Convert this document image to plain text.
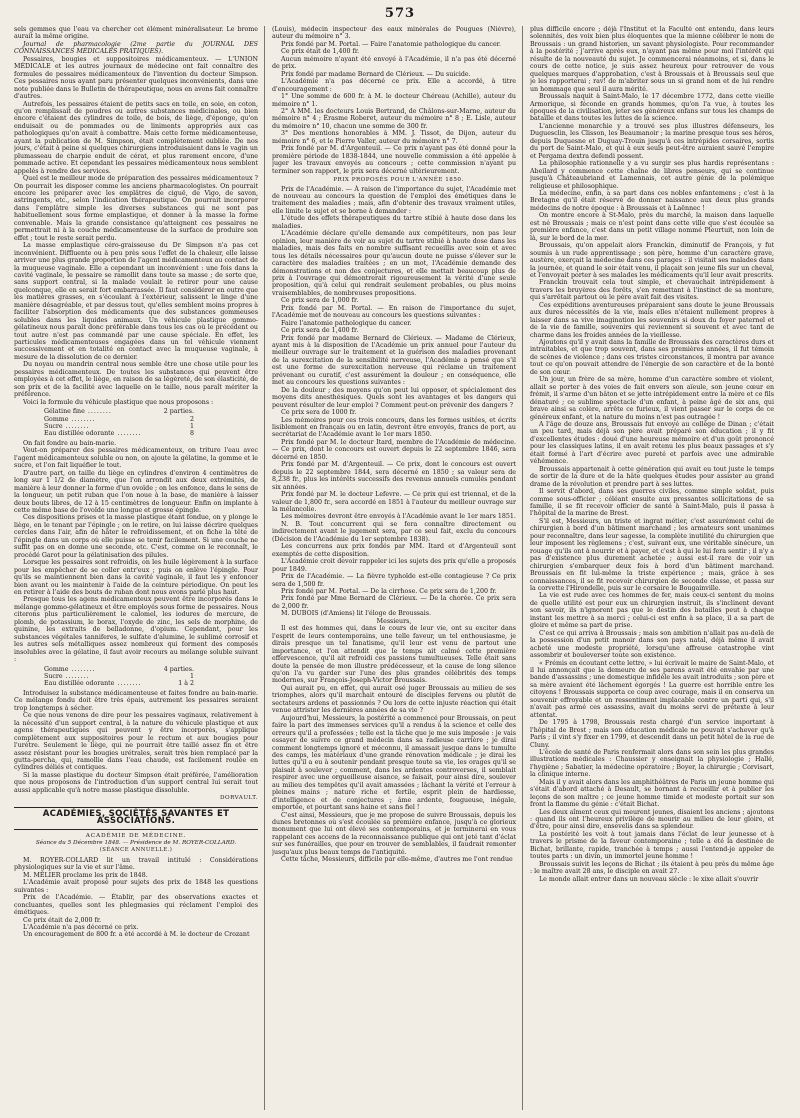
573

sels gemmes que l'eau va chercher cet élément minéralisateur. Le brome aurait la même origine.

Journal de pharmacologie (2me partie du JOURNAL DES CONNAISSANCES MÉDICALES PRATIQUES).

Pessaires, bougies et suppositoires médicamenteux. — L'UNION MÉDICALE et les autres journaux de médecine ont fait connaître des formules de pessaires médicamenteux de l'invention du docteur Simpson. Ces pessaires nous ayant paru présenter quelques inconvénients, dans une note publiée dans le Bulletin de thérapeutique, nous en avons fait connaître d'autres.

Autrefois, les pessaires étaient de petits sacs en toile, en soie, en coton, qu'on remplissait de poudres ou autres substances médicinales, ou bien encore c'étaient des cylindres de toile, de bois, de liège, d'éponge, qu'on enduisait ou de pommades ou de liniments appropriés aux cas pathologiques qu'on avait à combattre. Mais cette forme médicamenteuse, ayant la publication de M. Simpson, était complètement oubliée. De nos jours, c'était à peine si quelques chirurgiens introduisaient dans le vagin un plumasseau de charpie enduit de cérat, et plus rarement encore, d'une pommade active. Et cependant les pessaires médicamenteux nous semblent appelés à rendre des services.

Quel est le meilleur mode de préparation des pessaires médicamenteux ? On pourrait les disposer comme les anciens pharmacologistes. On pourrait encore les préparer avec les emplâtres de ciguë, de Vigo, de savon, astringents, etc., selon l'indication thérapeutique. On pourrait incorporer dans l'emplâtre simple les diverses substances qui ne sont pas habituellement sous forme emplastique, et donner à la masse la forme convenable. Mais la grande consistance qu'atteignent ces pessaires ne permettrait ni à la couche médicamenteuse de la surface de produire son effet ; tout le reste serait perdu.

La masse emplastique céro-graisseuse du Dr Simpson n'a pas cet inconvénient. Diffluente ou à peu près sous l'effet de la chaleur, elle laisse arriver une plus grande proportion de l'agent médicamenteux au contact de la muqueuse vaginale. Elle a cependant un inconvénient : une fois dans la cavité vaginale, le pessaire se ramollit dans toute sa masse ; de sorte que, sans support central, si la malade voulait le retirer pour une cause quelconque, elle en serait fort embarrassée. Il faut considérer en outre que les matières grasses, en s'écoulant à l'extérieur, salissent le linge d'une manière désagréable, et par dessus tout, qu'elles semblent moins propres à faciliter l'absorption des médicaments que des substances gommeuses solubles dans les liquides animaux. Un véhicule plastique gommo-gélatineux nous paraît donc préférable dans tous les cas où le précédent ou tout autre n'est pas commandé par une cause spéciale. En effet, les particules médicamenteuses engagées dans un tel véhicule viennent successivement et en totalité en contact avec la muqueuse vaginale, à mesure de la dissolution de ce dernier.

Du noyau ou mandrin central nous semble être une chose utile pour les pessaires médicamenteux. De toutes les substances qui peuvent être employées à cet effet, le liège, en raison de sa légèreté, de son élasticité, de son prix et de la facilité avec laquelle on le taille, nous paraît mériter la préférence.

Voici la formule du véhicule plastique que nous proposons :

Gélatine fine .....	2 parties.
Gomme .....	2
Sucre .....	1
Eau distillée odorante .....	8

On fait fondre au bain-marie.

Veut-on préparer des pessaires médicamenteux, on triture l'eau avec l'agent médicamenteux soluble ou non, on ajoute la gélatine, la gomme et le sucre, et l'on fait liquéfier le tout.

D'autre part, on taille du liège en cylindres d'environ 4 centimètres de long sur 1 1/2 de diamètre, que l'on arrondit aux deux extrémités, de manière à leur donner la forme d'un ovoïde ; on les enfonce, dans le sens de la longueur, un petit ruban que l'on noue à la base, de manière à laisser deux bouts libres, de 12 à 15 centimètres de longueur. Enfin on implante à cette même base de l'ovoïde une longue et grosse épingle.

Ces dispositions prises et la masse plastique étant fondue, on y plonge le liège, en le tenant par l'épingle ; on le retire, on lui laisse décrire quelques cercles dans l'air, afin de hâter le refroidissement, et on fiche la tête de l'épingle dans un corps où elle puisse se tenir facilement. Si une couche ne suffit pas on en donne une seconde, etc. C'est, comme on le reconnaît, le procédé Garot pour la gélatinisation des pilules.

Lorsque les pessaires sont refroidis, on les huile légèrement à la surface pour les empêcher de se coller entr'eux ; puis on enlève l'épingle. Pour qu'ils se maintiennent bien dans la cavité vaginale, il faut les y enfoncer bien avant ou les maintenir à l'aide de la ceinture périodique. On peut les en retirer à l'aide des bouts de ruban dont nous avons parlé plus haut.

Presque tous les agens médicamenteux peuvent être incorporés dans le mélange gommo-gélatineux et être employés sous forme de pessaires. Nous citerons plus particulièrement le calomel, les iodures de mercure, de plomb, de potassium, le borax, l'oxyde de zinc, les sels de morphine, de quinine, les extraits de belladonne, d'opium. Cependant, pour les substances végétales tanniferes, le sulfate d'alumine, le sublimé corrosif et les autres sels métalliques assez nombreux qui forment des composés insolubles avec la gélatine, il faut avoir recours au mélange soluble suivant :

Gomme .....	4 parties.
Sucre .....	1
Eau distillée odorante .....	1 à 2

Introduisez la substance médicamenteuse et faites fondre au bain-marie. Ce mélange fondu doit être très épais, autrement les pessaires seraient trop longtemps à sécher.

Ce que nous venons de dire pour les pessaires vaginaux, relativement à la nécessité d'un support central, à la nature du véhicule plastique et aux agens thérapeutiques qui peuvent y être incorporés, s'applique complètement aux suppositoires pour le rectum et aux bougies pour l'urètre. Seulement le liège, qui ne pourrait être taillé assez fin et être assez résistant pour les bougies urétrales, serait très bien remplacé par la gutta-percha, qui, ramollie dans l'eau chaude, est facilement roulée en cylindres déliés et contiques.

Si la masse plastique du docteur Simpson était préférée, l'amélioration que nous proposons de l'introduction d'un support central lui serait tout aussi applicable qu'à notre masse plastique dissoluble.

DORVAULT.

ACADÉMIES, SOCIÉTÉS SAVANTES ET ASSOCIATIONS.
ACADÉMIE DE MÉDECINE.
Séance du 5 Décembre 1848. — Présidence de M. ROYER-COLLARD.
(SÉANCE ANNUELLE.)

M. ROYER-COLLARD lit un travail intitulé : Considérations physiologiques sur la vie et sur l'âme.

M. MÉLIER proclame les prix de 1848.

L'Académie avait proposé pour sujets des prix de 1848 les questions suivantes :

Prix de l'Académie. — Établir, par des observations exactes et concluantes, quelles sont les phlegmasies qui réclament l'emploi des émétiques.

Ce prix était de 2,000 fr.

L'Académie n'a pas décerné ce prix.

Un encouragement de 800 fr. a été accordé à M. le docteur de Crozant

(Louis), médecin inspecteur des eaux minérales de Pougues (Nièvre), auteur du mémoire n° 3.

Prix fondé par M. Portal. — Faire l'anatomie pathologique du cancer.

Ce prix était de 1,400 fr.

Aucun mémoire n'ayant été envoyé à l'Académie, il n'a pas été décerné de prix.

Prix fondé par madame Bernard de Clérieux. — Du suicide.

L'Académie n'a pas décerné ce prix. Elle a accordé, à titre d'encouragement :

1° Une somme de 600 fr. à M. le docteur Chéreau (Achille), auteur du mémoire n° 1.

2° A MM. les docteurs Louis Bertrand, de Châlons-sur-Marne, auteur du mémoire n° 4 ; Érasme Roberet, auteur du mémoire n° 8 ; E. Lisle, auteur du mémoire n° 10, chacun une somme de 300 fr.

3° Des mentions honorables à MM. J. Tissot, de Dijon, auteur du mémoire n° 6, et le Pierre Valler, auteur du mémoire n° 7.

Prix fondé par M. d'Argenteuil. — Ce prix n'ayant pas été donné pour la première période de 1838-1844, une nouvelle commission a été appelée à juger les travaux envoyés au concours ; cette commission n'ayant pu terminer son rapport, le prix sera décerné ultérieurement.

PRIX PROPOSÉS POUR L'ANNÉE 1850.

Prix de l'Académie. — À raison de l'importance du sujet, l'Académie met de nouveau au concours la question de l'emploi des émétiques dans le traitement des maladies ; mais, afin d'obtenir des travaux vraiment utiles, elle limite le sujet et se borne à demander :

L'étude des effets thérapeutiques du tartre stibié à haute dose dans les maladies.

L'Académie déclare qu'elle demande aux compétiteurs, non pas leur opinion, leur manière de voir au sujet du tartre stibié à haute dose dans les maladies, mais des faits en nombre suffisant recueillis avec soin et avec tous les détails nécessaires pour qu'aucun doute ne puisse s'élever sur le caractère des maladies traitées ; en un mot, l'Académie demande des démonstrations et non des conjectures, et elle mettait beaucoup plus de prix à l'ouvrage qui démontrerait rigoureusement la vérité d'une seule proposition, qu'à celui qui rendrait seulement probables, ou plus moins vraisemblables, de nombreuses propositions.

Ce prix sera de 1,000 fr.

Prix fondé par M. Portal. — En raison de l'importance du sujet, l'Académie met de nouveau au concours les questions suivantes :

Faire l'anatomie pathologique du cancer.

Ce prix sera de 1,400 fr.

Prix fondé par madame Bernard de Clérieux. — Madame de Clérieux, ayant mis à la disposition de l'Académie un prix annuel pour l'auteur du meilleur ouvrage sur le traitement et la guérison des maladies provenant de la surexcitation de la sensibilité nerveuse, l'Académie a pensé que s'il est une forme de surexcitation nerveuse qui réclame un traitement prévenant ou curatif, c'est assurément la douleur ; en conséquence, elle met au concours les questions suivantes :

De la douleur ; des moyens qu'on peut lui opposer, et spécialement des moyens dits anesthésiques. Quels sont les avantages et les dangers qui peuvent résulter de leur emploi ? Comment peut-on prévenir des dangers ?

Ce prix sera de 1000 fr.

Les mémoires pour ces trois concours, dans les formes usitées, et écrits lisiblement en français ou en latin, devront être envoyés, francs de port, au secrétariat de l'Académie avant le 1er mars 1850.

Prix fondé par M. le docteur Itard, membre de l'Académie de médecine. — Ce prix, dont le concours est ouvert depuis le 22 septembre 1846, sera décerné en 1850.

Prix fondé par M. d'Argenteuil. — Ce prix, dont le concours est ouvert depuis le 22 septembre 1844, sera décerné en 1850 ; sa valeur sera de 8,238 fr., plus les intérêts successifs des revenus annuels cumulés pendant six années.

Prix fondé par M. le docteur Lefevre. — Ce prix qui est triennal, et de la valeur de 1,800 fr., sera accordé en 1851 à l'auteur du meilleur ouvrage sur la mélancolie.

Les mémoires devront être envoyés à l'Académie avant le 1er mars 1851.

N. B. Tout concurrent qui se fera connaître directement ou indirectement avant le jugement sera, par ce seul fait, exclu du concours (Décision de l'Académie du 1er septembre 1838).

Les concurrens aux prix fondés par MM. Itard et d'Argenteuil sont exemptés de cette disposition.

L'Académie croit devoir rappeler ici les sujets des prix qu'elle a proposés pour 1849.

Prix de l'Académie. — La fièvre typhoïde est-elle contagieuse ? Ce prix sera de 1,500 fr.

Prix fondé par M. Portal. — De la cirrhose. Ce prix sera de 1,200 fr.

Prix fondé par Mme Bernard de Clérieux. — De la chorée. Ce prix sera de 2,000 fr.

M. DUBOIS (d'Amiens) lit l'éloge de Broussais.

Messieurs,

Il est des hommes qui, dans le cours de leur vie, ont su exciter dans l'esprit de leurs contemporains, une telle faveur, un tel enthousiasme, je dirais presque un tel fanatisme, qu'il leur est venu de partout une importance, et l'on attendit que le temps ait calmé cette première effervescence, qu'il ait refroidi ces passions tumultueuses. Telle était sans doute la pensée de mon illustre prédécesseur, et la cause de long silence qu'on l'a vu garder sur l'une des plus grandes célébrités des temps modernes, sur François-Joseph-Victor Broussais.

Qui aurait pu, en effet, qui aurait osé juger Broussais au milieu de ses triomphes, alors qu'il marchait entouré de disciples fervens ou plutôt de sectateurs ardens et passionnés ? Ou lors de cette injuste réaction qui était venue attrister les dernières années de sa vie ?

Aujourd'hui, Messieurs, la postérité a commencé pour Broussais, on peut faire la part des immenses services qu'il a rendus à la science et celle des erreurs qu'il a professées ; telle est la tâche que je me suis imposée : je vais essayer de suivre ce grand médecin dans sa radieuse carrière ; je dirai comment longtemps ignoré et méconnu, il amassait jusque dans le tumulte des camps, les matériaux d'une grande rénovation médicale ; je dirai les luttes qu'il a eu à soutenir pendant presque toute sa vie, les orages qu'il se plaisait à soulever ; comment, dans les ardentes controverses, il semblait respirer avec une orgueilleuse aisance, se faisait, pour ainsi dire, soulever au milieu des tempêtes qu'il avait amassées ; lâchant la vérité et l'erreur à pleines mains ; nature riche et fertile, esprit plein de hardiesse, d'intelligence et de conjectures ; âme ardente, fougueuse, inégale, emportée, et pourtant sans haine et sans fiel !

C'est ainsi, Messieurs, que je me propose de suivre Broussais, depuis les dunes bretonnes où s'est écoulée sa première enfance, jusqu'à ce glorieux monument que lui ont élevé ses contemporains, et je terminerai en vous rappelant ces accens de la reconnaissance publique qui ont jeté tant d'éclat sur ses funérailles, que pour en trouver de semblables, il faudrait remonter jusqu'aux plus beaux temps de l'antiquité.

Cette tâche, Messieurs, difficile par elle-même, d'autres me l'ont rendue

plus difficile encore ; déjà l'Institut et la Faculté ont entendu, dans leurs solennités, des voix bien plus éloquentes que la mienne célébrer le nom de Broussais : un grand historien, un savant physiologiste. Pour recommander à la postérité ; j'arrive après eux, n'ayant pas même pour moi l'intérêt qui résulte de la nouveauté du sujet. Je commencerai néanmoins, et si, dans le cours de cette notice, je suis assez heureux pour retrouver de vous quelques marques d'approbation, c'est à Broussais et à Broussais seul que je les rapporterai ; rav! de m'abriter sous un si grand nom et de lui rendre un hommage que seul il aura mérité.

Broussais naquit à Saint-Malo, le 17 décembre 1772, dans cette vieille Armorique, si féconde en grands hommes, qu'on l'a vue, à toutes les époques de la civilisation, jeter ses généreux enfans sur tous les champs de bataille et dans toutes les luttes de la science.

L'ancienne monarchie y a trouvé ses plus illustres défenseurs, les Duguesclin, les Clisson, les Beaumanoir ; la marine presque tous ses héros, depuis Duquesne et Duguay-Trouin jusqu'à ces intrépides corsaires, sortis du port de Saint-Malo, et qui à eux seuls peut-être auraient sauvé l'empire et Pergama dextra defendi possent.

La philosophie rationnelle y a vu surgir ses plus hardis représentans : Abeilard y commence cette chaîne de libres penseurs, qui se continue jusqu'à Châteaubriand et Lamennais, cet autre génie de la polémique religieuse et philosophique.

La médecine, enfin, a sa part dans ces nobles enfantemens ; c'est à la Bretagne qu'il était réservé de donner naissance aux deux plus grands médecins de notre époque : à Broussais et à Laënnec !

On montre encore à St-Malo, près du marché, la maison dans laquelle est né Broussais ; mais ce n'est point dans cette ville que s'est écoulée sa première enfance, c'est dans un petit village nommé Pleurtuit, non loin de là, sur le bord de la mer.

Broussais, qu'on appelait alors Franckin, diminutif de François, y fut soumis à un rude apprentissage ; son père, homme d'un caractère grave, austère, exerçait la médecine dans ces parages : il visitait ses malades dans la journée, et quand le soir était venu, il plaçait son jeune fils sur un cheval, et l'envoyait porter à ses malades les médicaments qu'il leur avait prescrits.

Franckin trouvait cela tout simple, et chevauchait intrépidement à travers les bruyères des forêts, s'en remettant à l'instinct de sa monture, qui s'arrêtait partout où le père avait fait des visites.

Ces expéditions aventureuses préparaient sans doute le jeune Broussais aux dures nécessités de la vie, mais elles n'étaient nullement propres à laisser dans sa vive imagination les souvenirs si doux du foyer paternel et de la vie de famille, souvenirs qui reviennent si souvent et avec tant de charme dans les froides années de la vieillesse.

Ajoutons qu'il y avait dans la famille de Broussais des caractères durs et intraitables, et que trop souvent, dans ses premières années, il fut témoin de scènes de violence ; dans ces tristes circonstances, il montra par avance tout ce qu'on pouvait attendre de l'énergie de son caractère et de la bonté de son cœur.

Un jour, un frère de sa mère, homme d'un caractère sombre et violent, allait se porter à des voies de fait envers son aïeule, son jeune cœur en frémit, il s'arme d'un bâton et se jette intrépidement entre la mère et ce fils dénaturé ; ce sublime spectacle d'un enfant, à peine âgé de six ans, qui brave ainsi sa colère, arrête ce furieux, il vient passer sur le corps de ce généreux enfant, et la nature du moins n'est pas outragée !

A l'âge de douze ans, Broussais fut envoyé au collège de Dinan ; c'était un peu tard, mais déjà son père avait préparé son éducation ; il y fit d'excellentes études : doué d'une heureuse mémoire et d'un goût prononcé pour les classiques latins, il en avait retenu les plus beaux passages et s'y était formé à l'art d'écrire avec pureté et parfois avec une admirable véhémence.

Broussais appartenait à cette génération qui avait eu tout juste le temps de sortir de la dure et de la hâte quelques études pour assister au grand drame de la révolution et prendre part à ses luttes.

Il servit d'abord, dans ses guerres civiles, comme simple soldat, puis comme sous-officier ; céléant ensuite aux pressantes sollicitations de sa famille, il se fit recevoir officier de santé à Saint-Malo, puis il passa à l'hôpital de la marine de Brest.

S'il est, Messieurs, un triste et ingrat métier, c'est assurément celui de chirurgien à bord d'un bâtiment marchand ; les armateurs sont unanimes pour reconnaître, dans leur sagesse, la complète inutilité du chirurgien que leur imposent les règlemens ; c'est, suivant eux, une véritable sinécure, un rouage qu'ils ont à nourrir et à payer, et c'est à qui le lui fera sentir ; il n'y a pas d'existence plus durement achetée ; aussi est-il rare de voir un chirurgien s'embarquer deux fois à bord d'un bâtiment marchand. Broussais en fit lui-même la triste expérience ; mais, grâce à ses connaissances, il se fit recevoir chirurgien de seconde classe, et passa sur la corvette l'Hirondelle, puis sur le corsaire le Bougainville.

La vie est rude avec ces hommes de fer, mais ceux-ci sentent du moins de quelle utilité est pour eux un chirurgien instruit, ils s'inclinent devant son savoir, ils n'ignorent pas que le destin des batailles peut à chaque instant les mettre à sa merci ; celui-ci est enfin à sa place, il a sa part de gloire et même sa part de prise.

C'est ce qui arriva à Broussais ; mais son ambition n'allait pas au-delà de la possession d'un petit manoir dans son pays natal, déjà même il avait acheté une modeste propriété, lorsqu'une affreuse catastrophe vint assombrir et bouleverser toute son existence.

« Frémis en écoutant cette lettre, » lui écrivait le maire de Saint-Malo, et il lui annonçait que la demeure de ses parens avait été envahie par une bande d'assassins ; une domestique infidèle les avait introduits ; son père et sa mère avaient été lâchement égorgés ! La guerre est horrible entre les citoyens ! Broussais supporta ce coup avec courage, mais il en conserva un souvenir effroyable et un ressentiment implacable contre un parti qui, s'il n'avait pas armé ces assassins, avait du moins servi de prétexte à leur attentat.

De 1795 à 1798, Broussais resta chargé d'un service important à l'hôpital de Brest ; mais son éducation médicale ne pouvait s'achever qu'à Paris ; il vint s'y fixer en 1799, et descendit dans un petit hôtel de la rue de Cluny.

L'école de santé de Paris renfermait alors dans son sein les plus grandes illustrations médicales : Chaussier y enseignait la physiologie ; Hallé, l'hygiène ; Sabatier, la médecine opératoire ; Boyer, la chirurgie ; Corvisart, la clinique interne.

Mais il y avait alors dans les amphithéâtres de Paris un jeune homme qui s'était d'abord attaché à Desault, se bornant à recueillir et à publier les leçons de son maître ; ce jeune homme timide et modeste portait sur son front la flamme du génie : c'était Bichat.

Les deux aîment ceux qui meurent jeunes, disaient les anciens ; ajoutons : quand ils ont l'heureux privilège de mourir au milieu de leur gloire, et d'être, pour ainsi dire, ensevelis dans sa splendeur.

La postérité les voit à tout jamais dans l'éclat de leur jeunesse et à travers le prisme de la faveur contemporaine ; telle a été la destinée de Bichat, brillante, rapide, tranchée à temps ; aussi l'entend-je appeler de toutes parts : un divin, un immortel jeune homme !

Broussais suivit les leçons de Bichat ; ils étaient à peu près du même âge : le maître avait 28 ans, le disciple en avait 27.

Le monde allait entrer dans un nouveau siècle : le xixe allait s'ouvrir
